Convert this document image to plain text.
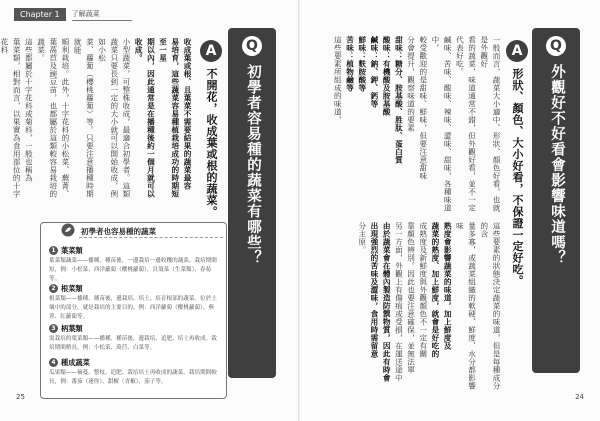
Chapter 1	了解蔬菜
Q
初學者容易種的蔬菜有哪些？
A
不開花，收成葉或根的蔬菜。
收成葉或根、且葉菜不需要結果的蔬菜最容
易培育，這些蔬菜容易種植栽培成功的時期短至一星
期以內，因此通常是在播種後約一個月就可以收成。
小型蔬菜，可整株收成，最適合初學者。這類
蔬菜只要長到一定的大小就可以開始收成，例如小松
菜、蘿蔔（櫻桃蘿蔔）等。只要注意播種時期就能
順利栽培。此外，十字花科的小松菜、蕪菁、
葉萵苣及豌豆苗，也都屬於這類較容易栽培的蔬菜。
這些都屬於十字花科或菊科，一般也稱為
葉菜類，相對而言，以果實為食用部位的十字花科

初學者也容易種的蔬菜
1 葉菜類
葉菜類蔬菜——播種、種苗後，一邊栽培一邊收穫的蔬菜。栽培期間短，例：小松菜、西洋蘿蔔（櫻桃蘿蔔）、貝殼菜（生菜類）、春菊等。
2 根菜類
根菜類——播種、種苗後，邊栽培、培土、培育根部的蔬菜。位於土壤中的部分，就是栽培的主要目的。例：西洋蘿蔔（櫻桃蘿蔔）、蕪菁、紅蘿蔔等。
3 柄葉類
需栽培的葉菜類——播種、種苗後，邊栽培、追肥、培土再收成。栽培期間稍長，例：小松菜、萵苣、白菜等。
4 種成蔬菜
瓜果類——摘蔓、整枝、追肥、栽培培土再收成的蔬菜。栽培期間較長，例：番茄（迷你）、甜椒（青椒）、茄子等。
25
Q
外觀好不好看會影響味道嗎？
A
形狀、顏色、大小好看，不保證一定好吃。
一般而言，蔬菜大小適中、形狀、顏色好看，也就是外觀好
看的蔬菜，味道通常不錯，但外觀好看，並不一定代表好吃。
鹹味、苦味、酸味、辣味、澀味、甜味，各種味道中，
較受歡迎的是甜味、鮮味，但要注意甜味
分會提升，觀察味道的要素
甜味：糖分、胺基酸、胜肽、蛋白質
酸味：有機酸及胺基酸
鹹味：鈉、鉀、鈣等
鮮味：麩胺酸等
苦味：植物鹼等
這些要素所組成的味道，
這些要素的狀態決定蔬菜的味道，但是每種成分的含
量多寡，或蔬菜組織的軟硬、鮮度、水分都影響味
熟度會影響蔬菜的味道，加上鮮度及
蔬菜的熟度、加上鮮度，就會是好吃的
成熟度及新鮮度與外觀顏色不一定有關
靠顏色辨別。因此也要注意確保，並無法單
另一方面，外觀上有傷痕或受損，在運送途中
由於蔬菜會在體內製造防禦物質，因此有時會
出現強烈的苦味及澀味，食用時需留意
分主原。
24
